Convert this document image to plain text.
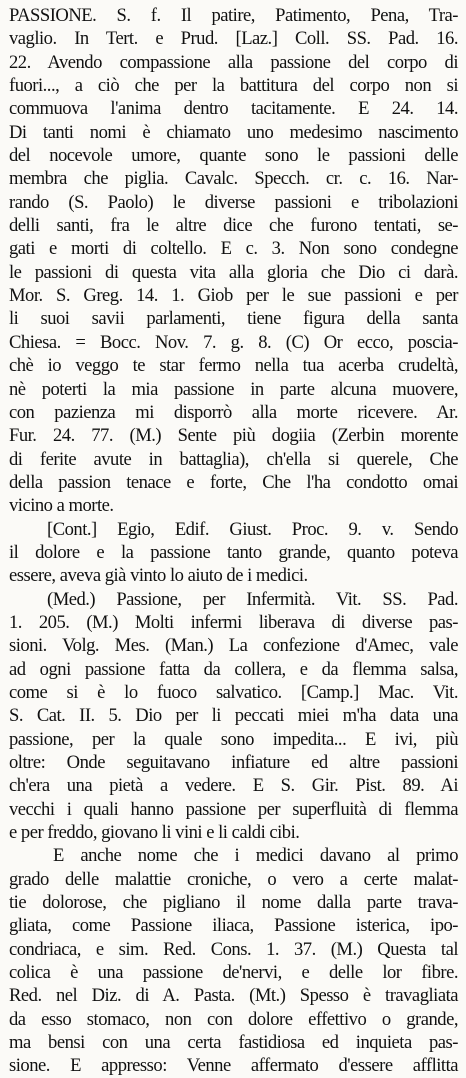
PASSIONE. S. f. Il patire, Patimento, Pena, Tra-
vaglio. In Tert. e Prud. [Laz.] Coll. SS. Pad. 16.
22. Avendo compassione alla passione del corpo di
fuori..., a ciò che per la battitura del corpo non si
commuova l'anima dentro tacitamente. E 24. 14.
Di tanti nomi è chiamato uno medesimo nascimento
del nocevole umore, quante sono le passioni delle
membra che piglia. Cavalc. Specch. cr. c. 16. Nar-
rando (S. Paolo) le diverse passioni e tribolazioni
delli santi, fra le altre dice che furono tentati, se-
gati e morti di coltello. E c. 3. Non sono condegne
le passioni di questa vita alla gloria che Dio ci darà.
Mor. S. Greg. 14. 1. Giob per le sue passioni e per
li suoi savii parlamenti, tiene figura della santa
Chiesa. = Bocc. Nov. 7. g. 8. (C) Or ecco, poscia-
chè io veggo te star fermo nella tua acerba crudeltà,
nè poterti la mia passione in parte alcuna muovere,
con pazienza mi disporrò alla morte ricevere. Ar.
Fur. 24. 77. (M.) Sente più dogiia (Zerbin morente
di ferite avute in battaglia), ch'ella si querele, Che
della passion tenace e forte, Che l'ha condotto omai
vicino a morte.
[Cont.] Egio, Edif. Giust. Proc. 9. v. Sendo
il dolore e la passione tanto grande, quanto poteva
essere, aveva già vinto lo aiuto de i medici.
(Med.) Passione, per Infermità. Vit. SS. Pad.
1. 205. (M.) Molti infermi liberava di diverse pas-
sioni. Volg. Mes. (Man.) La confezione d'Amec, vale
ad ogni passione fatta da collera, e da flemma salsa,
come si è lo fuoco salvatico. [Camp.] Mac. Vit.
S. Cat. II. 5. Dio per li peccati miei m'ha data una
passione, per la quale sono impedita... E ivi, più
oltre: Onde seguitavano infiature ed altre passioni
ch'era una pietà a vedere. E S. Gir. Pist. 89. Ai
vecchi i quali hanno passione per superfluità di flemma
e per freddo, giovano li vini e li caldi cibi.
E anche nome che i medici davano al primo
grado delle malattie croniche, o vero a certe malat-
tie dolorose, che pigliano il nome dalla parte trava-
gliata, come Passione iliaca, Passione isterica, ipo-
condriaca, e sim. Red. Cons. 1. 37. (M.) Questa tal
colica è una passione de'nervi, e delle lor fibre.
Red. nel Diz. di A. Pasta. (Mt.) Spesso è travagliata
da esso stomaco, non con dolore effettivo o grande,
ma bensi con una certa fastidiosa ed inquieta pas-
sione. E appresso: Venne affermato d'essere afflitta
